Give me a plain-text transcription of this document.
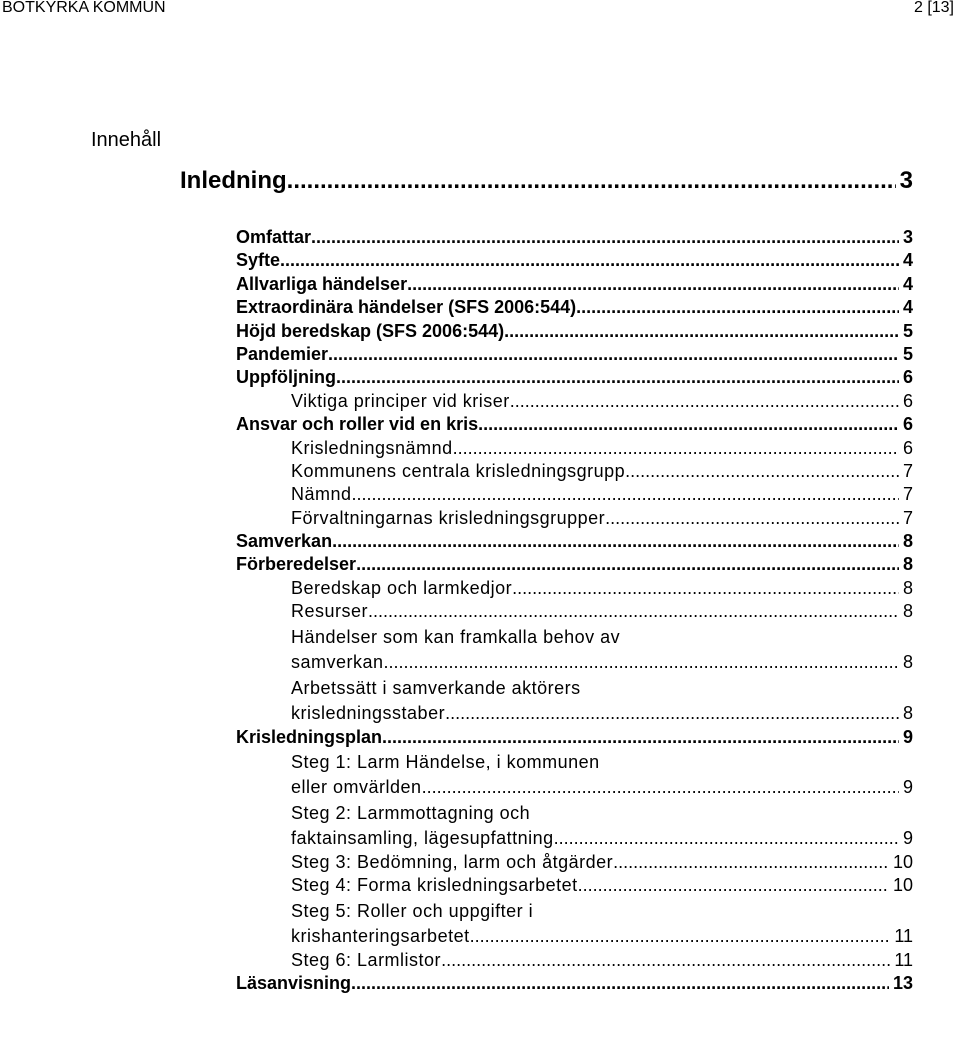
BOTKYRKA KOMMUN	2 [13]
Innehåll
Inledning .....	3
Omfattar .....	3
Syfte .....	4
Allvarliga händelser .....	4
Extraordinära händelser (SFS 2006:544) .....	4
Höjd beredskap (SFS 2006:544) .....	5
Pandemier .....	5
Uppföljning .....	6
Viktiga principer vid kriser .....	6
Ansvar och roller vid en kris .....	6
Krisledningsnämnd .....	6
Kommunens centrala krisledningsgrupp .....	7
Nämnd .....	7
Förvaltningarnas krisledningsgrupper .....	7
Samverkan .....	8
Förberedelser .....	8
Beredskap och larmkedjor .....	8
Resurser .....	8
Händelser som kan framkalla behov av
samverkan .....	8
Arbetssätt i samverkande aktörers
krisledningsstaber .....	8
Krisledningsplan .....	9
Steg 1: Larm Händelse, i kommunen
eller omvärlden .....	9
Steg 2: Larmmottagning och
faktainsamling, lägesupfattning .....	9
Steg 3: Bedömning, larm och åtgärder .....	10
Steg 4: Forma krisledningsarbetet .....	10
Steg 5: Roller och uppgifter i
krishanteringsarbetet .....	11
Steg 6: Larmlistor .....	11
Läsanvisning .....	13
